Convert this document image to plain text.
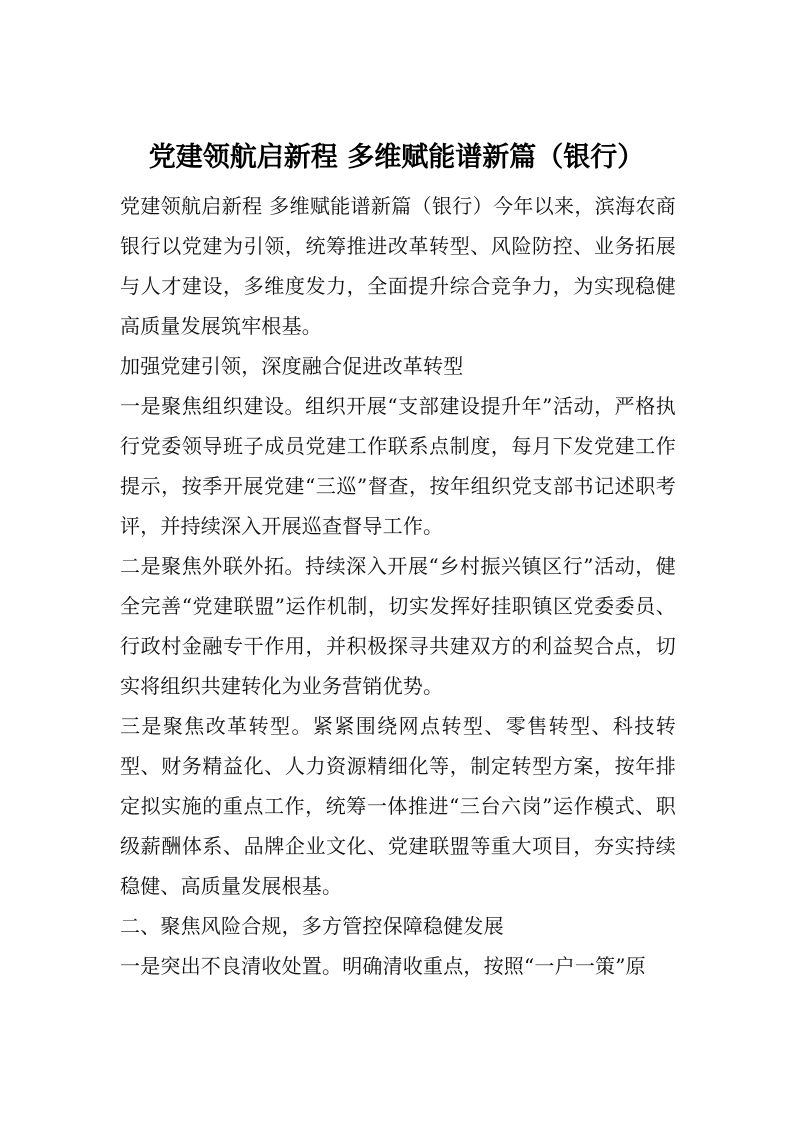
党建领航启新程 多维赋能谱新篇（银行）

党建领航启新程 多维赋能谱新篇（银行）今年以来，滨海农商银行以党建为引领，统筹推进改革转型、风险防控、业务拓展与人才建设，多维度发力，全面提升综合竞争力，为实现稳健高质量发展筑牢根基。

加强党建引领，深度融合促进改革转型

一是聚焦组织建设。组织开展“支部建设提升年”活动，严格执行党委领导班子成员党建工作联系点制度，每月下发党建工作提示，按季开展党建“三巡”督查，按年组织党支部书记述职考评，并持续深入开展巡查督导工作。

二是聚焦外联外拓。持续深入开展“乡村振兴镇区行”活动，健全完善“党建联盟”运作机制，切实发挥好挂职镇区党委委员、行政村金融专干作用，并积极探寻共建双方的利益契合点，切实将组织共建转化为业务营销优势。

三是聚焦改革转型。紧紧围绕网点转型、零售转型、科技转型、财务精益化、人力资源精细化等，制定转型方案，按年排定拟实施的重点工作，统筹一体推进“三台六岗”运作模式、职级薪酬体系、品牌企业文化、党建联盟等重大项目，夯实持续稳健、高质量发展根基。

二、聚焦风险合规，多方管控保障稳健发展

一是突出不良清收处置。明确清收重点，按照“一户一策”原
